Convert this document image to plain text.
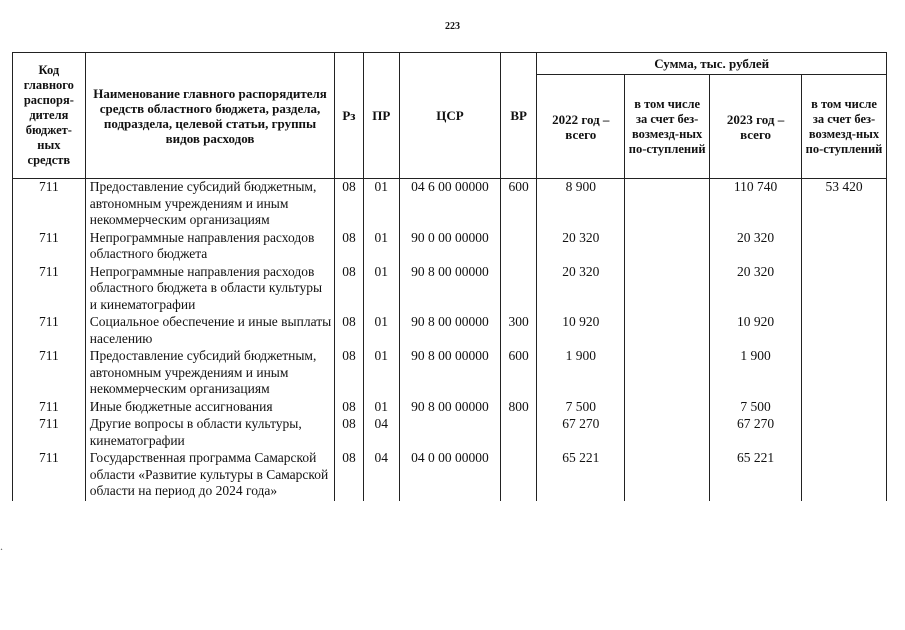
223
Код главного распоря-дителя бюджет-ных средств	Наименование главного распорядителя средств областного бюджета, раздела, подраздела, целевой статьи, группы видов расходов	Рз	ПР	ЦСР	ВР	Сумма, тыс. рублей			
						2022 год – всего	в том числе за счет без-возмезд-ных по-ступлений	2023 год – всего	в том числе за счет без-возмезд-ных по-ступлений
711	Предоставление субсидий бюджетным, автономным учреждениям и иным некоммерческим организациям	08	01	04 6 00 00000	600	8 900		110 740	53 420
711	Непрограммные направления расходов областного бюджета	08	01	90 0 00 00000		20 320		20 320	
711	Непрограммные направления расходов областного бюджета в области культуры и кинематографии	08	01	90 8 00 00000		20 320		20 320	
711	Социальное обеспечение и иные выплаты населению	08	01	90 8 00 00000	300	10 920		10 920	
711	Предоставление субсидий бюджетным, автономным учреждениям и иным некоммерческим организациям	08	01	90 8 00 00000	600	1 900		1 900	
711	Иные бюджетные ассигнования	08	01	90 8 00 00000	800	7 500		7 500	
711	Другие вопросы в области культуры, кинематографии	08	04			67 270		67 270	
711	Государственная программа Самарской области «Развитие культуры в Самарской области на период до 2024 года»	08	04	04 0 00 00000		65 221		65 221	
˔
